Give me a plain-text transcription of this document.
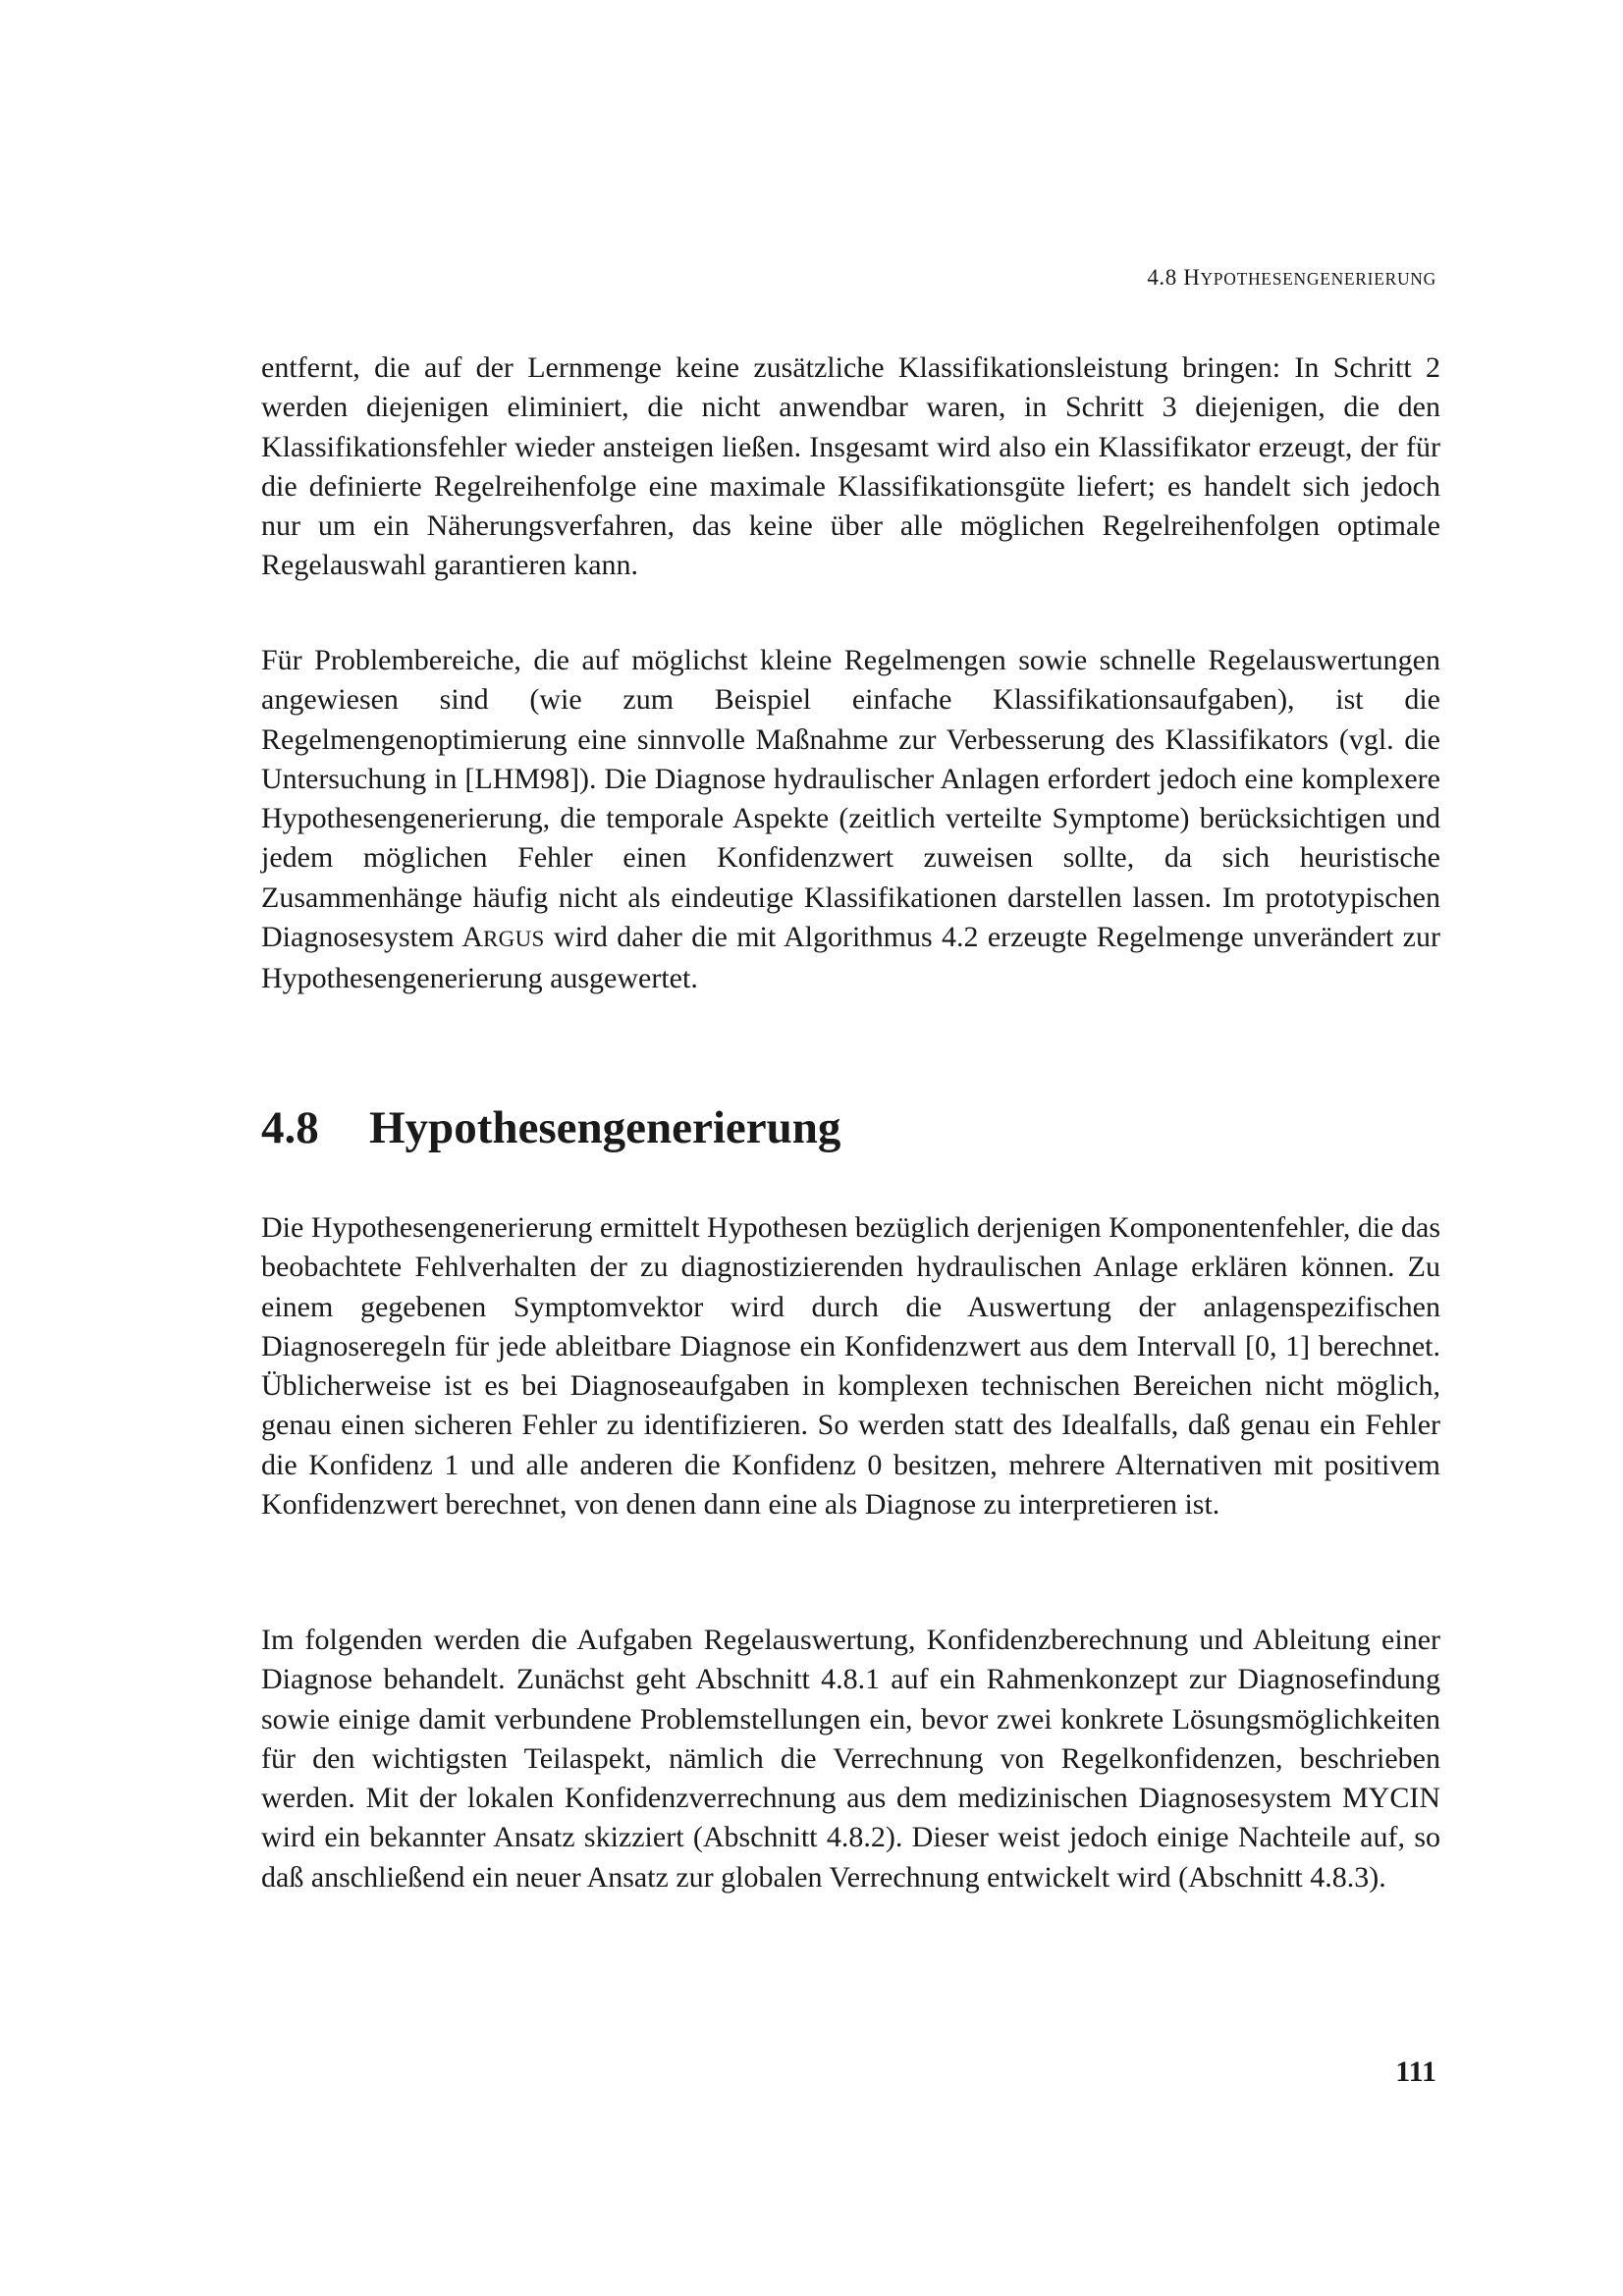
4.8 HYPOTHESENGENERIERUNG

entfernt, die auf der Lernmenge keine zusätzliche Klassifikationsleistung bringen: In Schritt 2 werden diejenigen eliminiert, die nicht anwendbar waren, in Schritt 3 diejenigen, die den Klassifikationsfehler wieder ansteigen ließen. Insgesamt wird also ein Klassifikator erzeugt, der für die definierte Regelreihenfolge eine maximale Klassifikationsgüte liefert; es handelt sich jedoch nur um ein Näherungsverfahren, das keine über alle möglichen Regelreihenfolgen optimale Regelauswahl garantieren kann.

Für Problembereiche, die auf möglichst kleine Regelmengen sowie schnelle Regelauswertungen angewiesen sind (wie zum Beispiel einfache Klassifikationsaufgaben), ist die Regelmengenoptimierung eine sinnvolle Maßnahme zur Verbesserung des Klassifikators (vgl. die Untersuchung in [LHM98]). Die Diagnose hydraulischer Anlagen erfordert jedoch eine komplexere Hypothesengenerierung, die temporale Aspekte (zeitlich verteilte Symptome) berücksichtigen und jedem möglichen Fehler einen Konfidenzwert zuweisen sollte, da sich heuristische Zusammenhänge häufig nicht als eindeutige Klassifikationen darstellen lassen. Im prototypischen Diagnosesystem ARGUS wird daher die mit Algorithmus 4.2 erzeugte Regelmenge unverändert zur Hypothesengenerierung ausgewertet.

4.8 Hypothesengenerierung

Die Hypothesengenerierung ermittelt Hypothesen bezüglich derjenigen Komponentenfehler, die das beobachtete Fehlverhalten der zu diagnostizierenden hydraulischen Anlage erklären können. Zu einem gegebenen Symptomvektor wird durch die Auswertung der anlagenspezifischen Diagnoseregeln für jede ableitbare Diagnose ein Konfidenzwert aus dem Intervall [0, 1] berechnet. Üblicherweise ist es bei Diagnoseaufgaben in komplexen technischen Bereichen nicht möglich, genau einen sicheren Fehler zu identifizieren. So werden statt des Idealfalls, daß genau ein Fehler die Konfidenz 1 und alle anderen die Konfidenz 0 besitzen, mehrere Alternativen mit positivem Konfidenzwert berechnet, von denen dann eine als Diagnose zu interpretieren ist.

Im folgenden werden die Aufgaben Regelauswertung, Konfidenzberechnung und Ableitung einer Diagnose behandelt. Zunächst geht Abschnitt 4.8.1 auf ein Rahmenkonzept zur Diagnosefindung sowie einige damit verbundene Problemstellungen ein, bevor zwei konkrete Lösungsmöglichkeiten für den wichtigsten Teilaspekt, nämlich die Verrechnung von Regelkonfidenzen, beschrieben werden. Mit der lokalen Konfidenzverrechnung aus dem medizinischen Diagnosesystem MYCIN wird ein bekannter Ansatz skizziert (Abschnitt 4.8.2). Dieser weist jedoch einige Nachteile auf, so daß anschließend ein neuer Ansatz zur globalen Verrechnung entwickelt wird (Abschnitt 4.8.3).

111
